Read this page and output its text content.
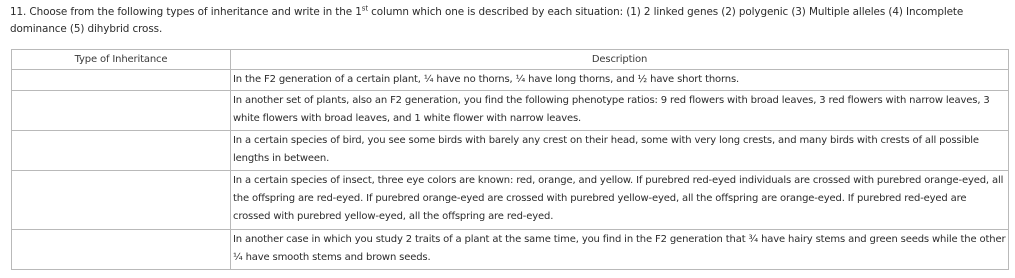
11. Choose from the following types of inheritance and write in the 1st column which one is described by each situation: (1) 2 linked genes (2) polygenic (3) Multiple alleles (4) Incomplete dominance (5) dihybrid cross.
Type of Inheritance	Description
	In the F2 generation of a certain plant, ¼ have no thorns, ¼ have long thorns, and ½ have short thorns.
	In another set of plants, also an F2 generation, you find the following phenotype ratios: 9 red flowers with broad leaves, 3 red flowers with narrow leaves, 3 white flowers with broad leaves, and 1 white flower with narrow leaves.
	In a certain species of bird, you see some birds with barely any crest on their head, some with very long crests, and many birds with crests of all possible lengths in between.
	In a certain species of insect, three eye colors are known: red, orange, and yellow. If purebred red-eyed individuals are crossed with purebred orange-eyed, all the offspring are red-eyed. If purebred orange-eyed are crossed with purebred yellow-eyed, all the offspring are orange-eyed. If purebred red-eyed are crossed with purebred yellow-eyed, all the offspring are red-eyed.
	In another case in which you study 2 traits of a plant at the same time, you find in the F2 generation that ¾ have hairy stems and green seeds while the other ¼ have smooth stems and brown seeds.
